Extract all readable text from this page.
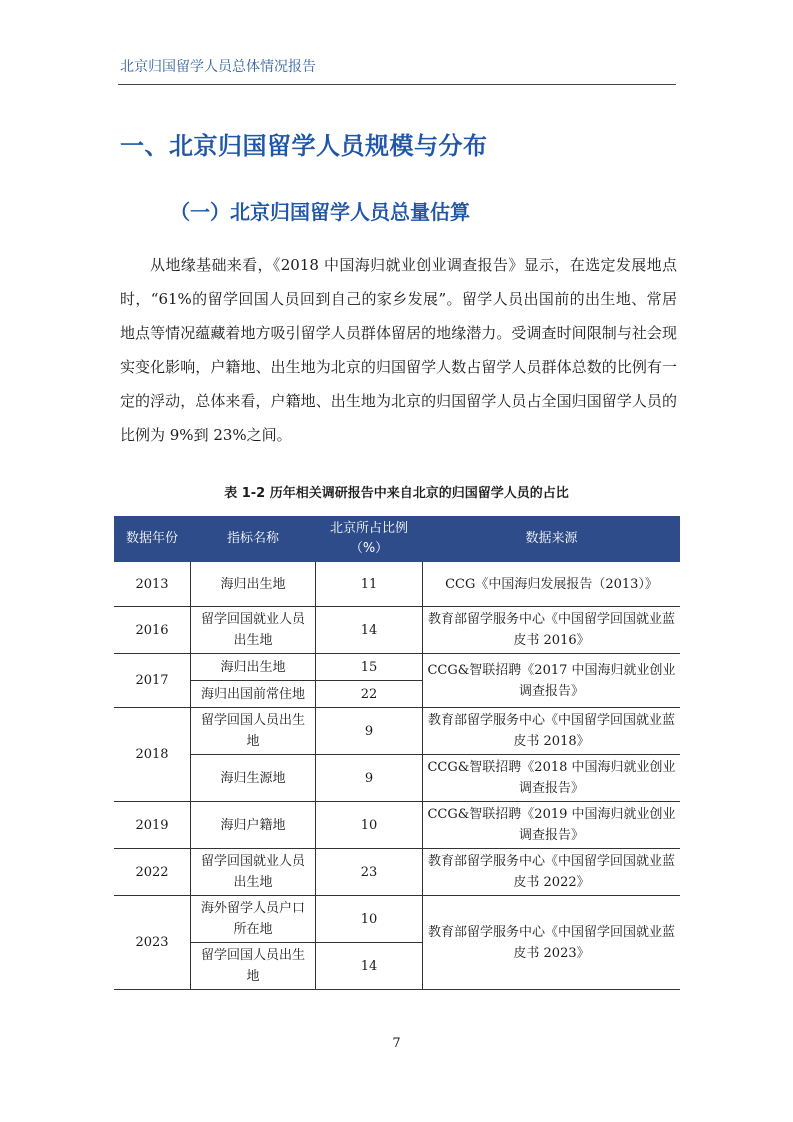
北京归国留学人员总体情况报告
一、北京归国留学人员规模与分布
（一）北京归国留学人员总量估算

从地缘基础来看，《2018 中国海归就业创业调查报告》显示，在选定发展地点时，“61%的留学回国人员回到自己的家乡发展”。留学人员出国前的出生地、常居地点等情况蕴藏着地方吸引留学人员群体留居的地缘潜力。受调查时间限制与社会现实变化影响，户籍地、出生地为北京的归国留学人数占留学人员群体总数的比例有一定的浮动，总体来看，户籍地、出生地为北京的归国留学人员占全国归国留学人员的比例为 9%到 23%之间。

表 1-2 历年相关调研报告中来自北京的归国留学人员的占比
数据年份	指标名称	北京所占比例（%）	数据来源
2013	海归出生地	11	CCG《中国海归发展报告（2013）》
2016	留学回国就业人员出生地	14	教育部留学服务中心《中国留学回国就业蓝皮书 2016》
2017	海归出生地	15	CCG&智联招聘《2017 中国海归就业创业调查报告》
	海归出国前常住地	22	
2018	留学回国人员出生地	9	教育部留学服务中心《中国留学回国就业蓝皮书 2018》
	海归生源地	9	CCG&智联招聘《2018 中国海归就业创业调查报告》
2019	海归户籍地	10	CCG&智联招聘《2019 中国海归就业创业调查报告》
2022	留学回国就业人员出生地	23	教育部留学服务中心《中国留学回国就业蓝皮书 2022》
2023	海外留学人员户口所在地	10	教育部留学服务中心《中国留学回国就业蓝皮书 2023》
	留学回国人员出生地	14	
7
